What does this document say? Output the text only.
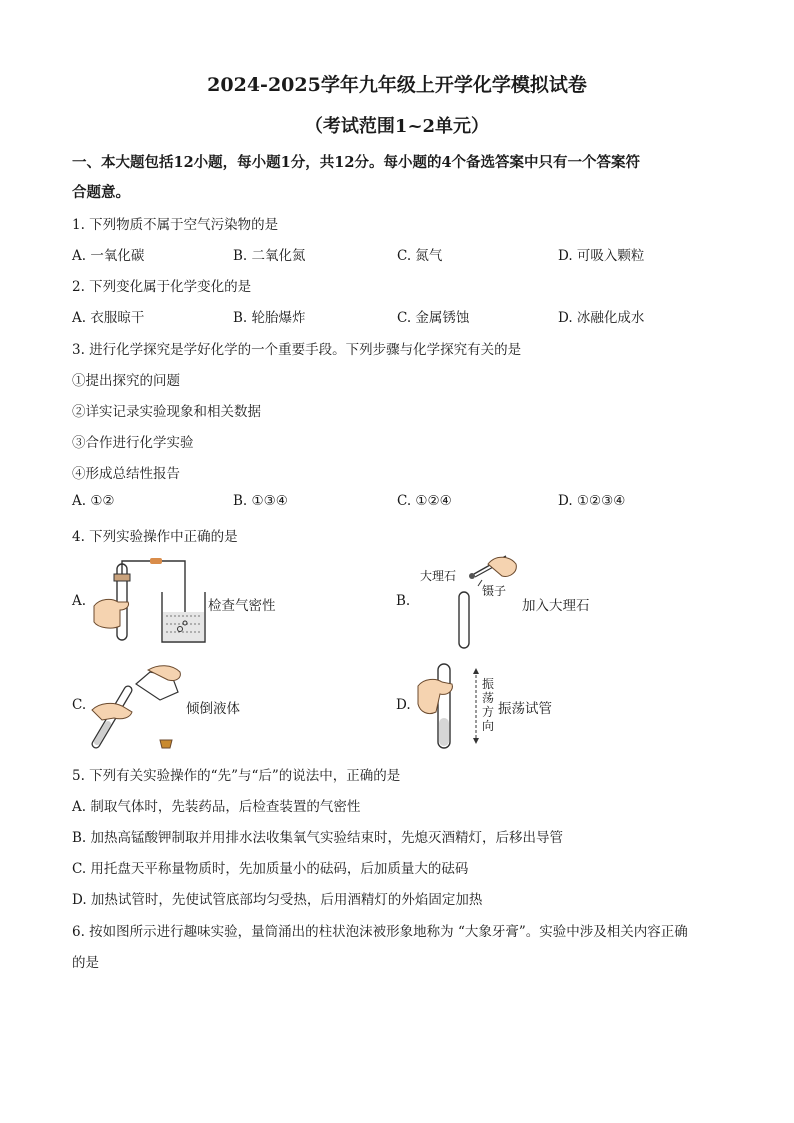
2024-2025学年九年级上开学化学模拟试卷
（考试范围1~2单元）
一、本大题包括12小题，每小题1分，共12分。每小题的4个备选答案中只有一个答案符
合题意。
1. 下列物质不属于空气污染物的是
A. 一氧化碳	B. 二氧化氮	C. 氮气	D. 可吸入颗粒
2. 下列变化属于化学变化的是
A. 衣服晾干	B. 轮胎爆炸	C. 金属锈蚀	D. 冰融化成水
3. 进行化学探究是学好化学的一个重要手段。下列步骤与化学探究有关的是
①提出探究的问题
②详实记录实验现象和相关数据
③合作进行化学实验
④形成总结性报告
A. ①②	B. ①③④	C. ①②④	D. ①②③④
4. 下列实验操作中正确的是
A.	检查气密性	B.
大理石
镊子
加入大理石
C.	倾倒液体	D.
振
荡
方
向
振荡试管
5. 下列有关实验操作的“先”与“后”的说法中，正确的是
A. 制取气体时，先装药品，后检查装置的气密性
B. 加热高锰酸钾制取并用排水法收集氧气实验结束时，先熄灭酒精灯，后移出导管
C. 用托盘天平称量物质时，先加质量小的砝码，后加质量大的砝码
D. 加热试管时，先使试管底部均匀受热，后用酒精灯的外焰固定加热
6. 按如图所示进行趣味实验，量筒涌出的柱状泡沫被形象地称为 “大象牙膏”。实验中涉及相关内容正确
的是
